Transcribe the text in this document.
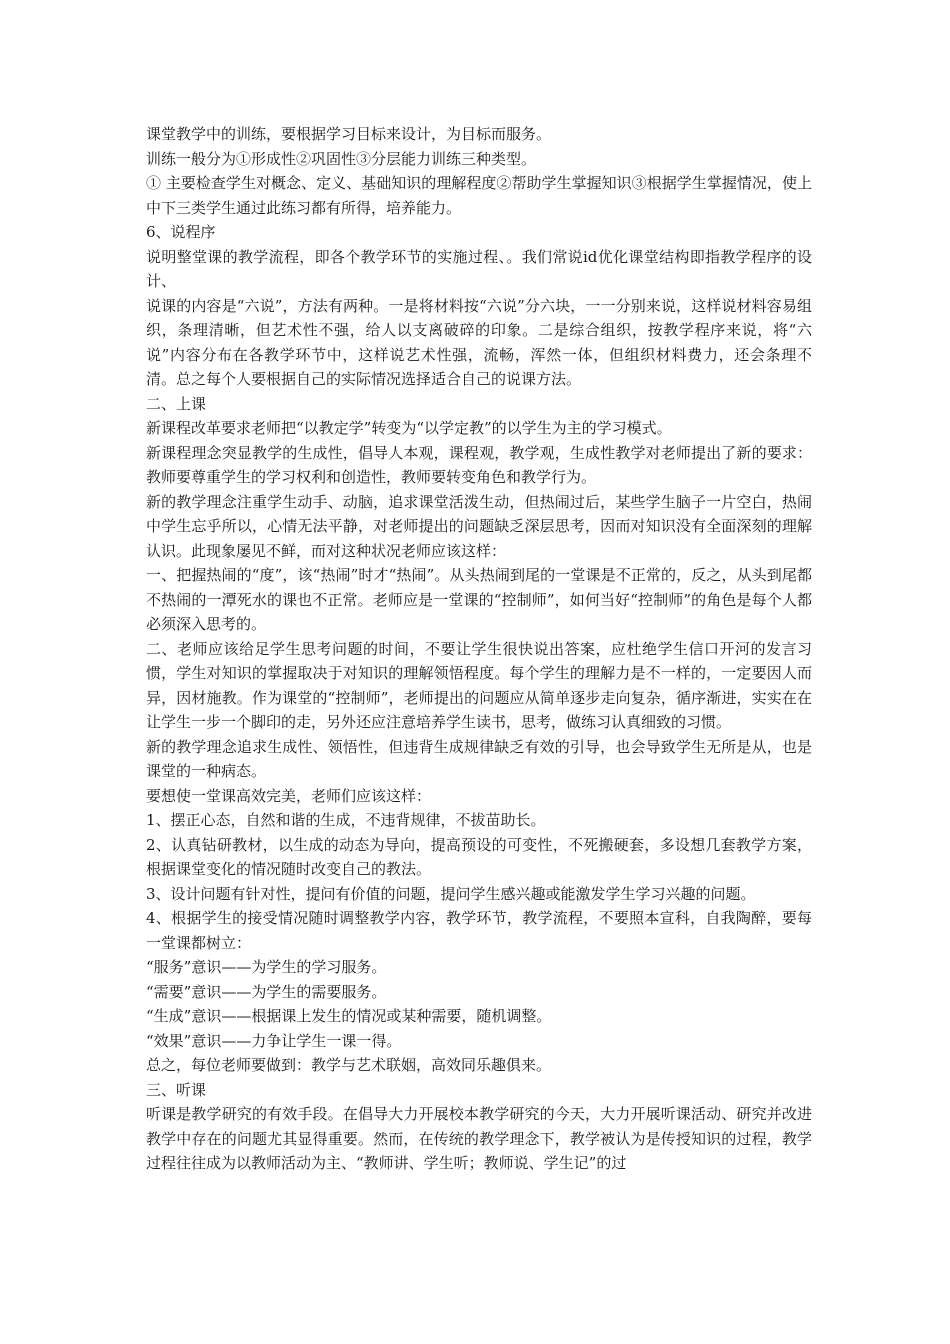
课堂教学中的训练，要根据学习目标来设计，为目标而服务。

训练一般分为①形成性②巩固性③分层能力训练三种类型。

① 主要检查学生对概念、定义、基础知识的理解程度②帮助学生掌握知识③根据学生掌握情况，使上中下三类学生通过此练习都有所得，培养能力。

6、说程序

说明整堂课的教学流程，即各个教学环节的实施过程、。我们常说id优化课堂结构即指教学程序的设计、

说课的内容是“六说”，方法有两种。一是将材料按“六说”分六块，一一分别来说，这样说材料容易组织，条理清晰，但艺术性不强，给人以支离破碎的印象。二是综合组织，按教学程序来说，将“六说”内容分布在各教学环节中，这样说艺术性强，流畅，浑然一体，但组织材料费力，还会条理不清。总之每个人要根据自己的实际情况选择适合自己的说课方法。

二、上课

新课程改革要求老师把“以教定学”转变为“以学定教”的以学生为主的学习模式。

新课程理念突显教学的生成性，倡导人本观，课程观，教学观，生成性教学对老师提出了新的要求：教师要尊重学生的学习权利和创造性，教师要转变角色和教学行为。

新的教学理念注重学生动手、动脑，追求课堂活泼生动，但热闹过后，某些学生脑子一片空白，热闹中学生忘乎所以，心情无法平静，对老师提出的问题缺乏深层思考，因而对知识没有全面深刻的理解认识。此现象屡见不鲜，而对这种状况老师应该这样：

一、把握热闹的“度”，该“热闹”时才“热闹”。从头热闹到尾的一堂课是不正常的，反之，从头到尾都不热闹的一潭死水的课也不正常。老师应是一堂课的“控制师”，如何当好“控制师”的角色是每个人都必须深入思考的。

二、老师应该给足学生思考问题的时间，不要让学生很快说出答案，应杜绝学生信口开河的发言习惯，学生对知识的掌握取决于对知识的理解领悟程度。每个学生的理解力是不一样的，一定要因人而异，因材施教。作为课堂的“控制师”，老师提出的问题应从简单逐步走向复杂，循序渐进，实实在在让学生一步一个脚印的走，另外还应注意培养学生读书，思考，做练习认真细致的习惯。

新的教学理念追求生成性、领悟性，但违背生成规律缺乏有效的引导，也会导致学生无所是从，也是课堂的一种病态。

要想使一堂课高效完美，老师们应该这样：

1、摆正心态，自然和谐的生成，不违背规律，不拔苗助长。

2、认真钻研教材，以生成的动态为导向，提高预设的可变性，不死搬硬套，多设想几套教学方案，根据课堂变化的情况随时改变自己的教法。

3、设计问题有针对性，提问有价值的问题，提问学生感兴趣或能激发学生学习兴趣的问题。

4、根据学生的接受情况随时调整教学内容，教学环节，教学流程，不要照本宣科，自我陶醉，要每一堂课都树立：

“服务”意识——为学生的学习服务。

“需要”意识——为学生的需要服务。

“生成”意识——根据课上发生的情况或某种需要，随机调整。

“效果”意识——力争让学生一课一得。

总之，每位老师要做到：教学与艺术联姻，高效同乐趣俱来。

三、听课

听课是教学研究的有效手段。在倡导大力开展校本教学研究的今天，大力开展听课活动、研究并改进教学中存在的问题尤其显得重要。然而，在传统的教学理念下，教学被认为是传授知识的过程，教学过程往往成为以教师活动为主、“教师讲、学生听；教师说、学生记”的过
